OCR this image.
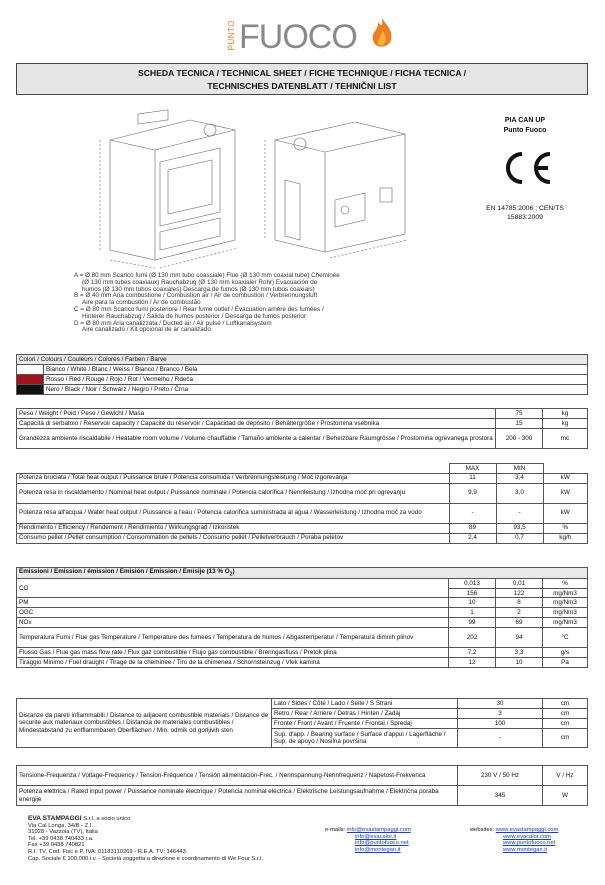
PUNTO FUOCO
SCHEDA TECNICA / TECHNICAL SHEET / FICHE TECHNIQUE / FICHA TECNICA /
TECHNISCHES DATENBLATT / TEHNIČNI LIST
PIA CAN UP
Punto Fuoco
EN 14785:2006 ; CEN/TS
15883:2009
A = Ø 80 mm Scarico fumi (Ø 130 mm tubo coassiale) Flue (Ø 130 mm coaxial tube) Cheminée
(Ø 130 mm tubes coaxiaux) Rauchabzug (Ø 130 mm koaxialer Rohr) Evacuación de
humos (Ø 130 mm tubos coaxiales) Descarga de fumos (Ø 130 mm tubos coaxiais)
B = Ø 40 mm Aria combustione / Combustion air / Air de combustion / Verbrennungsluft
Aire para la combustión / Ar de combustão
C = Ø 80 mm Scarico fumi posteriore / Rear fume outlet / Évacuation arrière des fumées /
Hinterer Rauchabzug / Salida de humos posterior / Descarga de fumos posterior
D = Ø 80 mm Aria canalizzata / Ducted air / Air pulsé / Luftkanalsystem
Aire canalizado / Kit opcional de ar canalizado
Colori / Colours / Couleurs / Colores / Farben / Barve	

	Bianco / White / Blanc / Weiss / Blanco / Branco / Bela
	Rosso / Red / Rouge / Rojo / Rot / Vermelho / Rdeča
	Nero / Black / Noir / Schwarz / Negro / Preto / Črna
Peso / Weight / Poid / Peso / Gewicht / Masa	75	kg
Capacità di serbatoio / Reservoir capacity / Capacité du réservoir / Capacidad de depósito / Behältergröße / Prostornina vsebnika	15	kg
Grandezza ambiente riscaldabile / Heatable room volume / Volume chauffable / Tamaño ambiente a calentar / Beheizbare Raumgrösse / Prostornina ogrevanega prostora	200 - 300	mc
	MAX	MIN	
Potenza bruciata / Total heat output / Puissance brulé / Potencia consumida / Verbrennungsleistung / Moč izgorevanja	11	3,4	kW
Potenza resa in riscaldamento / Nominal heat output / Puissance nominale / Potencia calorífica / Nennleistung / Izhodna moč pri ogrevanju	9,9	3,0	kW
Potenza resa all'acqua / Water heat output / Puissance a l'eau / Potencia calorífica suministrada al agua / Wasserleistung / Izhodna moč za vodo	-	-	kW
Rendimento / Efficiency / Rendement / Rendimiento / Wirkungsgrad / Izkoristek	89	93,5	%
Consumo pellet / Pellet consumption / Consommation de pellets / Consumo pellet / Pelletverbrauch / Poraba peletov	2,4	0,7	kg/h
Emissioni / Emission / émission / Emisión / Emission / Emisije (13 % $O_2$)			
CO	0,013	0,01	%
	156	122	mg/Nm3
PM	10	8	mg/Nm3
OGC	1	2	mg/Nm3
NOx	99	69	mg/Nm3
Temperatura Fumi / Flue gas Temperature / Temperature des fumees / Temperatura de humos / Abgastemperatur / Temperatura dimnih plinov	202	94	°C
Flusso Gas / Flue gas mass flow rate / Flux gaz combustible / Flujo gas combustible / Brenngasfluss / Pretok plina	7,2	3,3	g/s
Tiraggio Minimo / Fuel draught / Tirage de la cheminee / Tiro de la chimenea / Schornsteinzug / Vlek kamina	12	10	Pa
Distanze da pareti infiammabili / Distance to adjacent combustible materials / Distance de securite aux materiaux combustibles / Distancia de materiales combustibles / Mindestabstand zu entflammbaren Oberflächen / Min. odmik od gorljivih sten	Lato / Sides / Côté / Lado / Seite / S Strani	30	cm
	Retro / Rear / Arrière / Detras / Hinten / Zadaj	3	cm
	Fronte / Front / Avant / Fruente / Frontal / Spredaj	100	cm
	Sup. d'app. / Bearing surface / Surface d'appui / Lagerfläche / Sup. de apoyo / Nosilna površina	-	cm
Tensione-Frequenza / Voltage-Frequency / Tension-Fréquence / Tensión alimentación-Frec. / Nennspannung-Nennfrequenz / Napetost-Frekvenca	230 V / 50 Hz	V / Hz
Potenza elettrica / Rated input power / Puissance nominale électrique / Potencia nominal eléctrica / Elektrische Leistungsaufnahme / Električna poraba energije	345	W
EVA STAMPAGGI S.r.l. a socio unico
Via Cal Longa, 34/B - Z.I.
31028 - Vazzola (TV), Italia
Tel. +39 0438 740433 r.a.
Fax +39 0438 740821
R.I. TV, Cod. Fisc e P. IVA: 01183110269 - R.E.A. TV: 146443
Cap. Sociale € 100.000 i.v. - Società soggetta a direzione e coordinamento di We Four S.r.l.
e-mails: info@evastampaggi.com
info@evacalor.it
info@puntofuoco.net
info@montegan.it
websites: www.evastampaggi.com
www.evacalor.com
www.puntofuoco.net
www.montegan.it
